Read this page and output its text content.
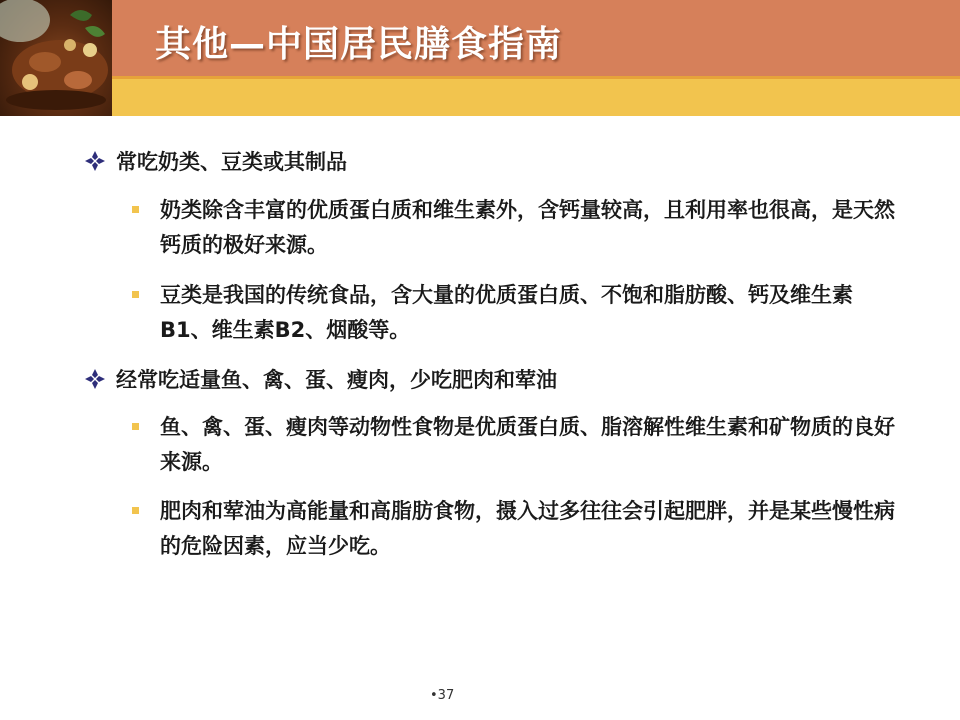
其他—中国居民膳食指南
常吃奶类、豆类或其制品
奶类除含丰富的优质蛋白质和维生素外，含钙量较高，且利用率也很高，是天然钙质的极好来源。
豆类是我国的传统食品，含大量的优质蛋白质、不饱和脂肪酸、钙及维生素B1、维生素B2、烟酸等。
经常吃适量鱼、禽、蛋、瘦肉，少吃肥肉和荤油
鱼、禽、蛋、瘦肉等动物性食物是优质蛋白质、脂溶解性维生素和矿物质的良好来源。
肥肉和荤油为高能量和高脂肪食物，摄入过多往往会引起肥胖，并是某些慢性病的危险因素，应当少吃。
•37
